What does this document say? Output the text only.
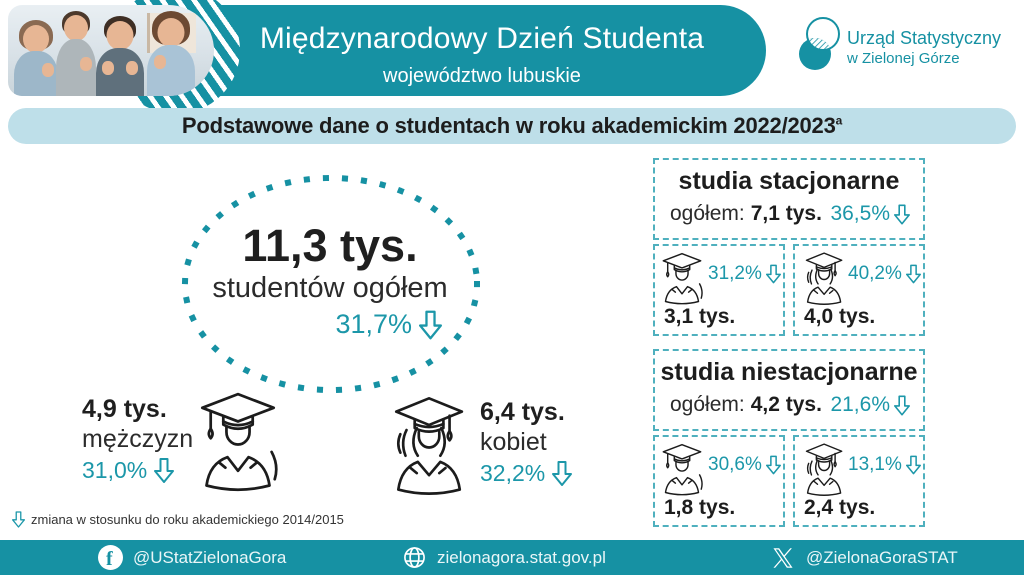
Międzynarodowy Dzień Studenta
województwo lubuskie
Urząd Statystyczny
w Zielonej Górze
Podstawowe dane o studentach w roku akademickim 2022/2023$^a$
11,3 tys.
studentów ogółem
31,7%
4,9 tys.
mężczyzn
31,0%
6,4 tys.
kobiet
32,2%
studia stacjonarne
ogółem: 7,1 tys. 36,5%
31,2%
3,1 tys.
40,2%
4,0 tys.
studia niestacjonarne
ogółem: 4,2 tys. 21,6%
30,6%
1,8 tys.
13,1%
2,4 tys.
zmiana w stosunku do roku akademickiego 2014/2015
f @UStatZielonaGora	zielonagora.stat.gov.pl	@ZielonaGoraSTAT
